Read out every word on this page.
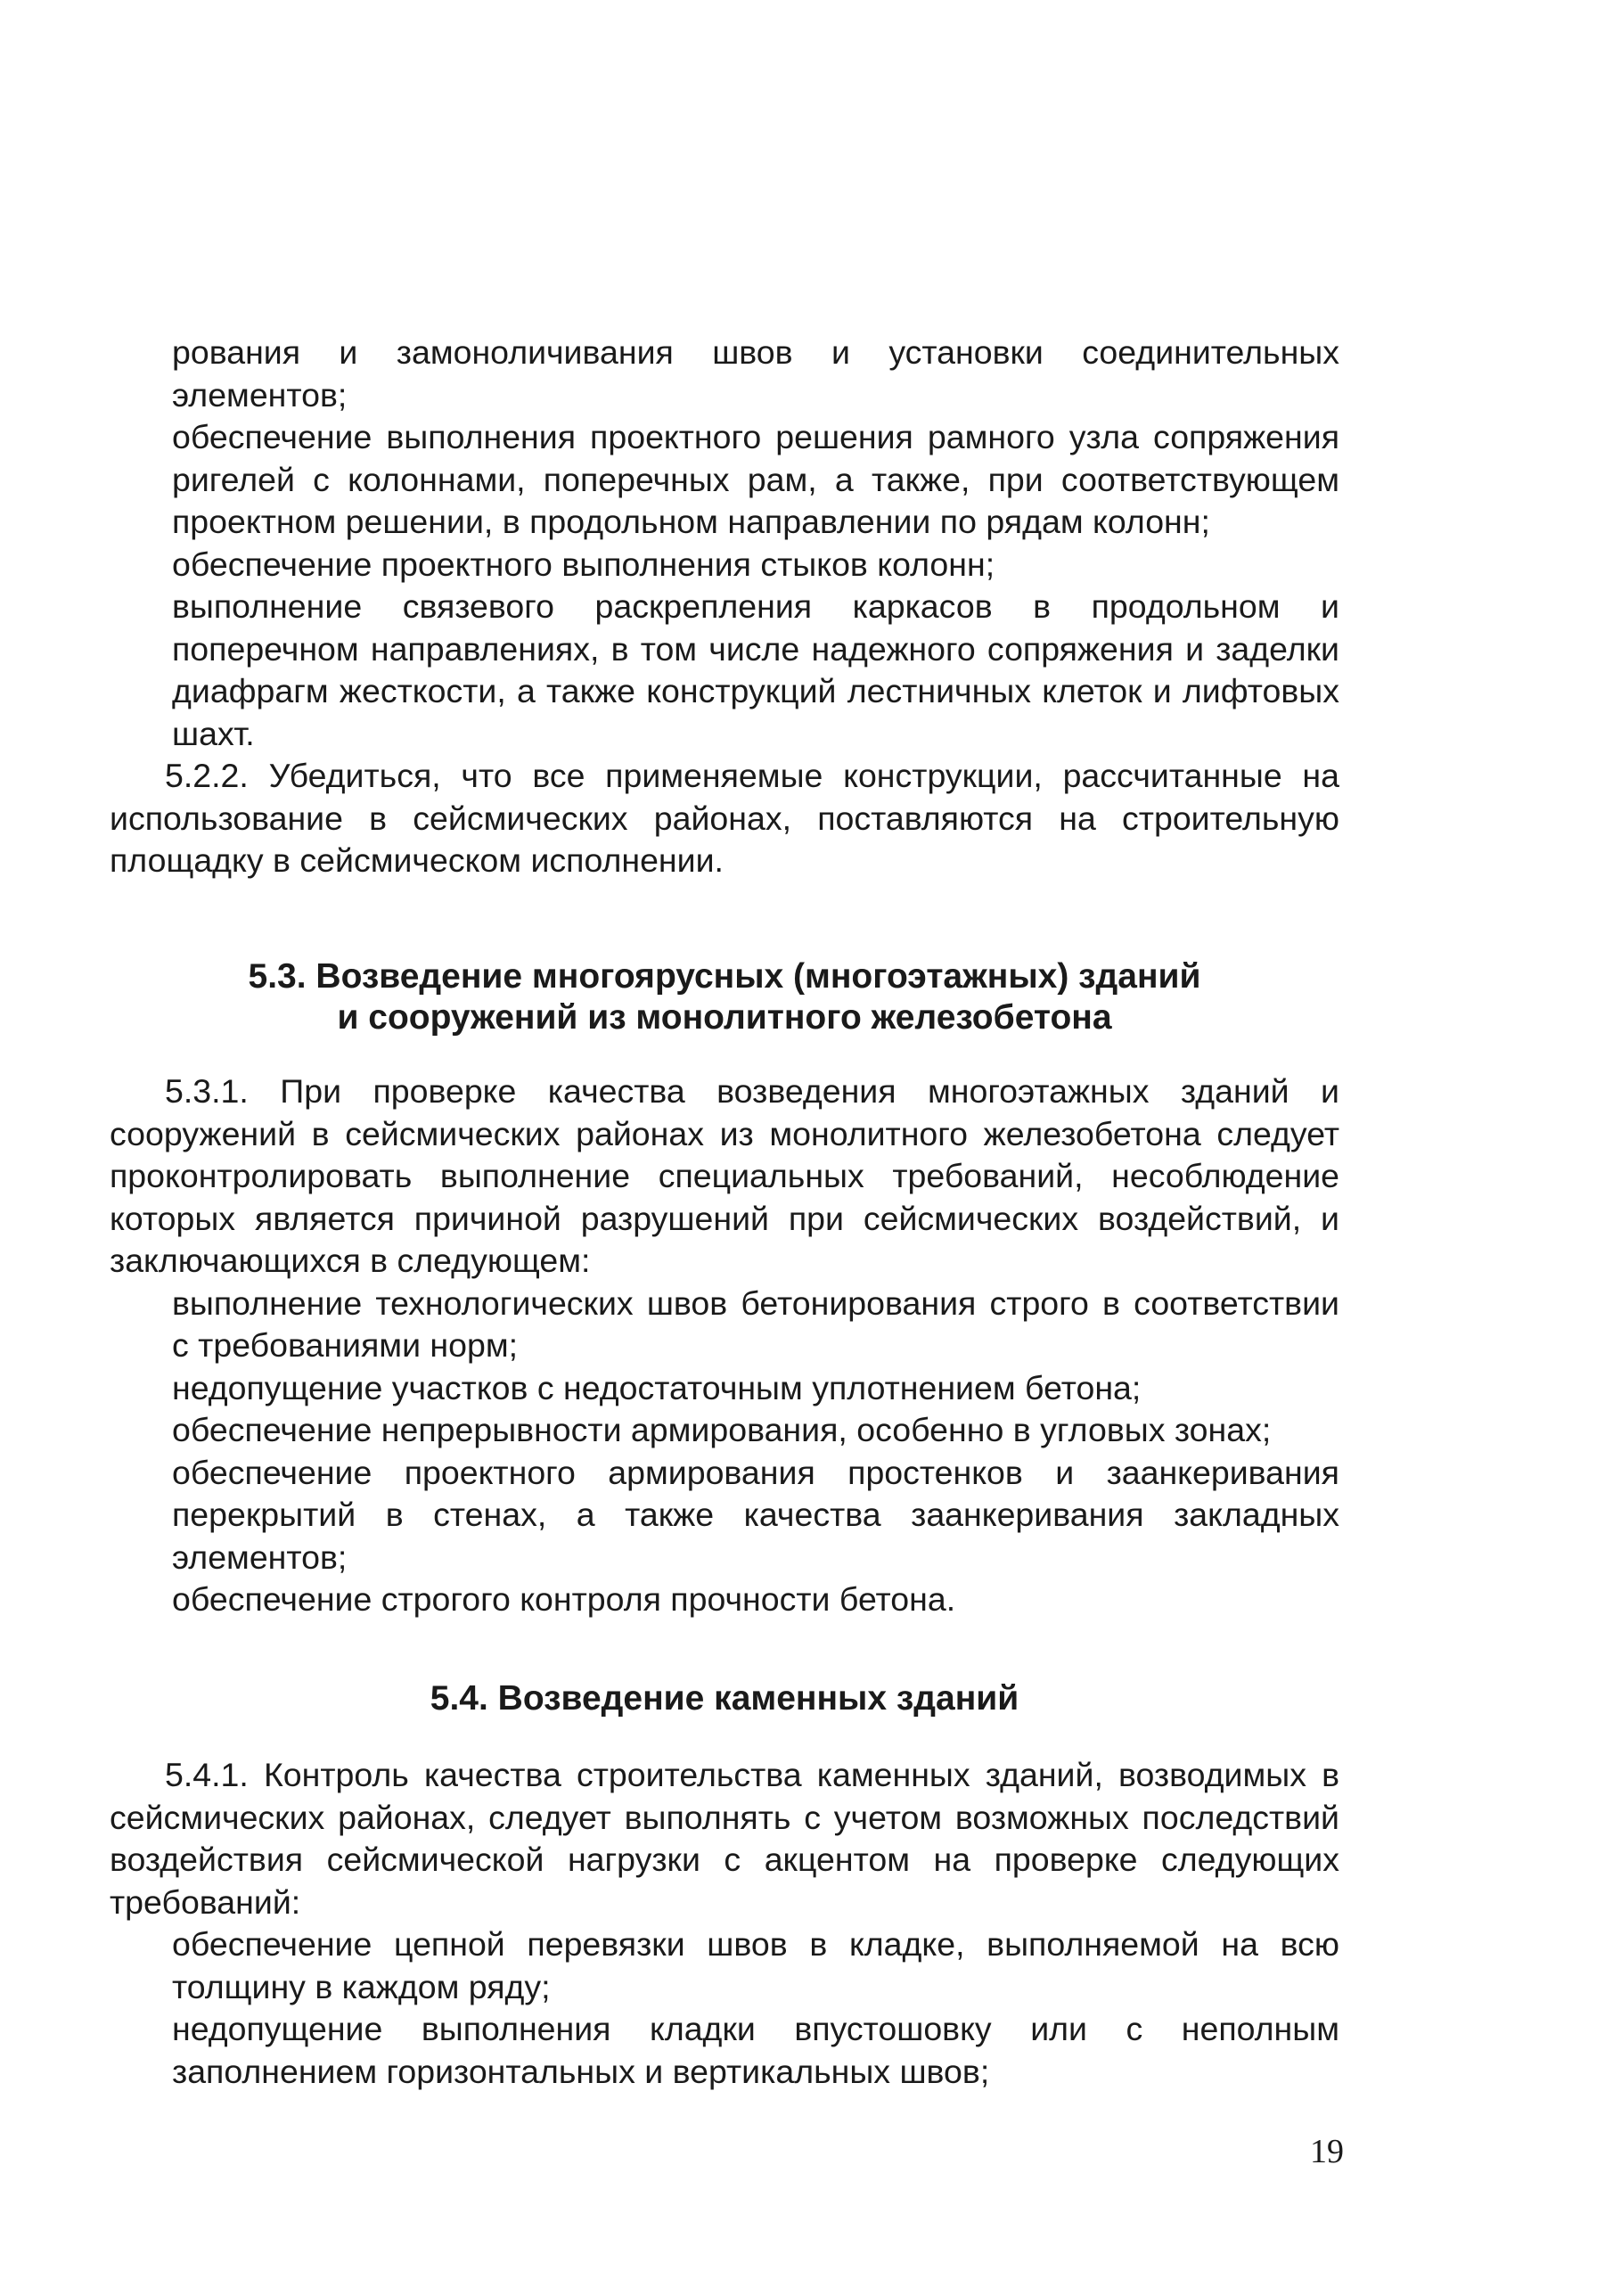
рования и замоноличивания швов и установки соединительных элементов;

обеспечение выполнения проектного решения рамного узла сопряжения ригелей с колоннами, поперечных рам, а также, при соответствующем проектном решении, в продольном направлении по рядам колонн;

обеспечение проектного выполнения стыков колонн;

выполнение связевого раскрепления каркасов в продольном и поперечном направлениях, в том числе надежного сопряжения и заделки диафрагм жесткости, а также конструкций лестничных клеток и лифтовых шахт.

5.2.2. Убедиться, что все применяемые конструкции, рассчитанные на использование в сейсмических районах, поставляются на строительную площадку в сейсмическом исполнении.

5.3. Возведение многоярусных (многоэтажных) зданий
и сооружений из монолитного железобетона

5.3.1. При проверке качества возведения многоэтажных зданий и сооружений в сейсмических районах из монолитного железобетона следует проконтролировать выполнение специальных требований, несоблюдение которых является причиной разрушений при сейсмических воздействий, и заключающихся в следующем:

выполнение технологических швов бетонирования строго в соответствии с требованиями норм;

недопущение участков с недостаточным уплотнением бетона;

обеспечение непрерывности армирования, особенно в угловых зонах;

обеспечение проектного армирования простенков и заанкеривания перекрытий в стенах, а также качества заанкеривания закладных элементов;

обеспечение строгого контроля прочности бетона.

5.4. Возведение каменных зданий

5.4.1. Контроль качества строительства каменных зданий, возводимых в сейсмических районах, следует выполнять с учетом возможных последствий воздействия сейсмической нагрузки с акцентом на проверке следующих требований:

обеспечение цепной перевязки швов в кладке, выполняемой на всю толщину в каждом ряду;

недопущение выполнения кладки впустошовку или с неполным заполнением горизонтальных и вертикальных швов;

19
